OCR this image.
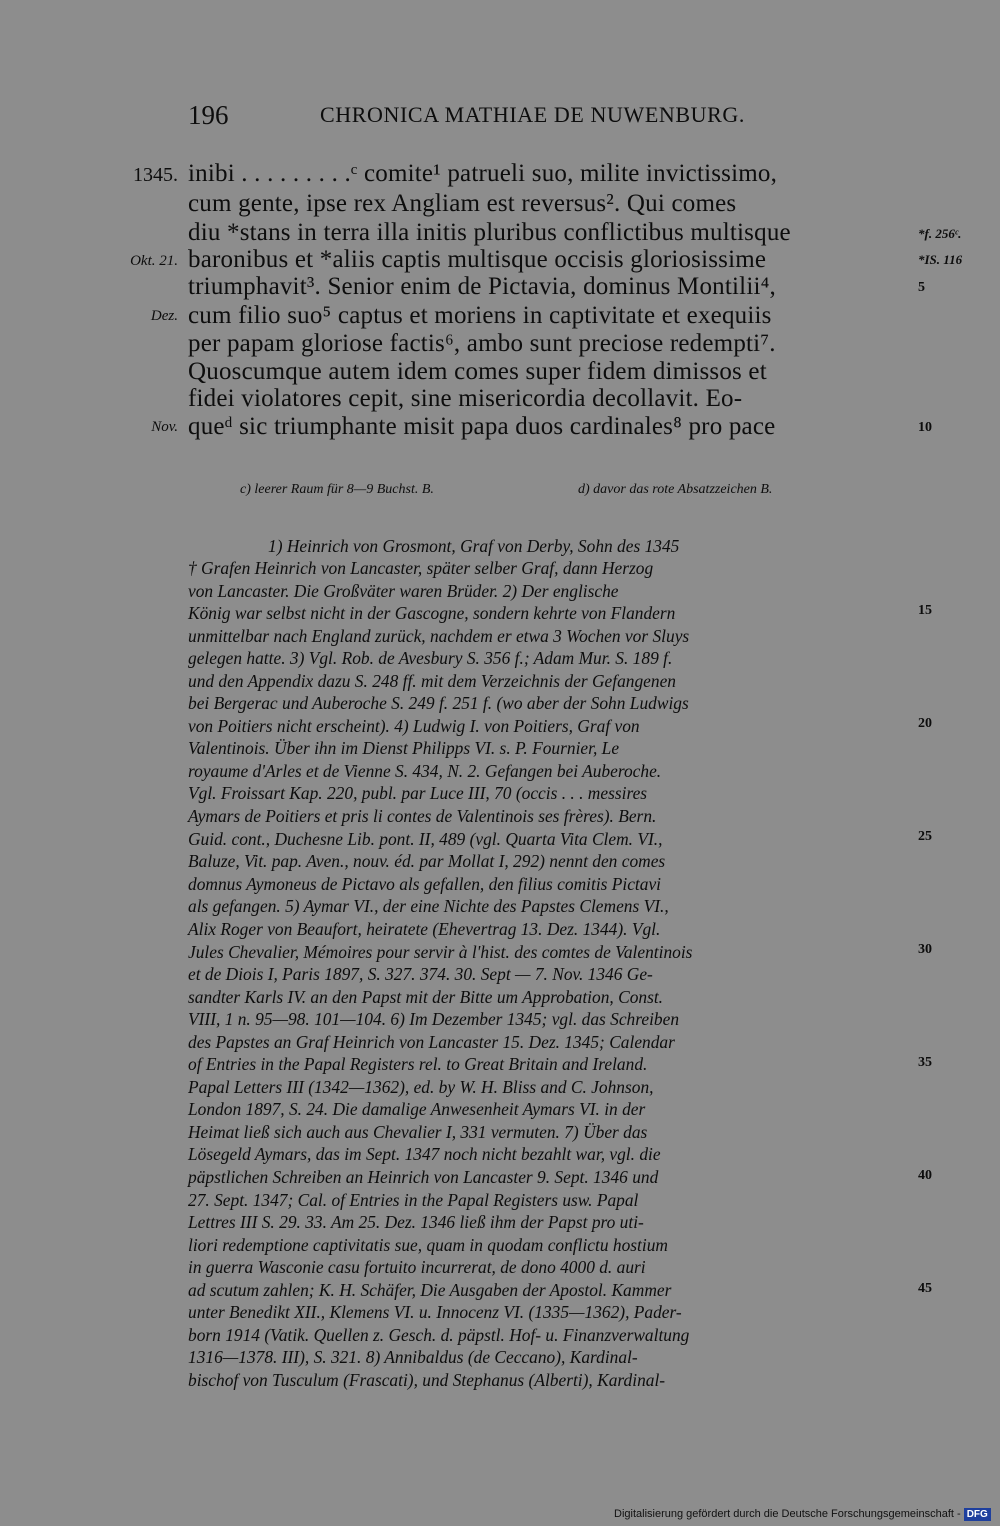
196	CHRONICA MATHIAE DE NUWENBURG.
inibi . . . . . . . . .ᶜ comite¹ patrueli suo, milite invictissimo,
cum gente, ipse rex Angliam est reversus². Qui comes
diu *stans in terra illa initis pluribus conflictibus multisque
baronibus et *aliis captis multisque occisis gloriosissime
triumphavit³. Senior enim de Pictavia, dominus Montilii⁴,
cum filio suo⁵ captus et moriens in captivitate et exequiis
per papam gloriose factis⁶, ambo sunt preciose redempti⁷.
Quoscumque autem idem comes super fidem dimissos et
fidei violatores cepit, sine misericordia decollavit. Eo-
queᵈ sic triumphante misit papa duos cardinales⁸ pro pace
1345.
Okt. 21.
Dez.
Nov.
*f. 256ᶜ.
*IS. 116
5
10
15
20
25
30
35
40
45
c) leerer Raum für 8—9 Buchst. B.	d) davor das rote Absatzzeichen B.
1) Heinrich von Grosmont, Graf von Derby, Sohn des 1345
† Grafen Heinrich von Lancaster, später selber Graf, dann Herzog
von Lancaster. Die Großväter waren Brüder. 2) Der englische
König war selbst nicht in der Gascogne, sondern kehrte von Flandern
unmittelbar nach England zurück, nachdem er etwa 3 Wochen vor Sluys
gelegen hatte. 3) Vgl. Rob. de Avesbury S. 356 f.; Adam Mur. S. 189 f.
und den Appendix dazu S. 248 ff. mit dem Verzeichnis der Gefangenen
bei Bergerac und Auberoche S. 249 f. 251 f. (wo aber der Sohn Ludwigs
von Poitiers nicht erscheint). 4) Ludwig I. von Poitiers, Graf von
Valentinois. Über ihn im Dienst Philipps VI. s. P. Fournier, Le
royaume d'Arles et de Vienne S. 434, N. 2. Gefangen bei Auberoche.
Vgl. Froissart Kap. 220, publ. par Luce III, 70 (occis . . . messires
Aymars de Poitiers et pris li contes de Valentinois ses frères). Bern.
Guid. cont., Duchesne Lib. pont. II, 489 (vgl. Quarta Vita Clem. VI.,
Baluze, Vit. pap. Aven., nouv. éd. par Mollat I, 292) nennt den comes
domnus Aymoneus de Pictavo als gefallen, den filius comitis Pictavi
als gefangen. 5) Aymar VI., der eine Nichte des Papstes Clemens VI.,
Alix Roger von Beaufort, heiratete (Ehevertrag 13. Dez. 1344). Vgl.
Jules Chevalier, Mémoires pour servir à l'hist. des comtes de Valentinois
et de Diois I, Paris 1897, S. 327. 374. 30. Sept — 7. Nov. 1346 Ge-
sandter Karls IV. an den Papst mit der Bitte um Approbation, Const.
VIII, 1 n. 95—98. 101—104. 6) Im Dezember 1345; vgl. das Schreiben
des Papstes an Graf Heinrich von Lancaster 15. Dez. 1345; Calendar
of Entries in the Papal Registers rel. to Great Britain and Ireland.
Papal Letters III (1342—1362), ed. by W. H. Bliss and C. Johnson,
London 1897, S. 24. Die damalige Anwesenheit Aymars VI. in der
Heimat ließ sich auch aus Chevalier I, 331 vermuten. 7) Über das
Lösegeld Aymars, das im Sept. 1347 noch nicht bezahlt war, vgl. die
päpstlichen Schreiben an Heinrich von Lancaster 9. Sept. 1346 und
27. Sept. 1347; Cal. of Entries in the Papal Registers usw. Papal
Lettres III S. 29. 33. Am 25. Dez. 1346 ließ ihm der Papst pro uti-
liori redemptione captivitatis sue, quam in quodam conflictu hostium
in guerra Wasconie casu fortuito incurrerat, de dono 4000 d. auri
ad scutum zahlen; K. H. Schäfer, Die Ausgaben der Apostol. Kammer
unter Benedikt XII., Klemens VI. u. Innocenz VI. (1335—1362), Pader-
born 1914 (Vatik. Quellen z. Gesch. d. päpstl. Hof- u. Finanzverwaltung
1316—1378. III), S. 321. 8) Annibaldus (de Ceccano), Kardinal-
bischof von Tusculum (Frascati), und Stephanus (Alberti), Kardinal-
Digitalisierung gefördert durch die Deutsche Forschungsgemeinschaft - DFG
